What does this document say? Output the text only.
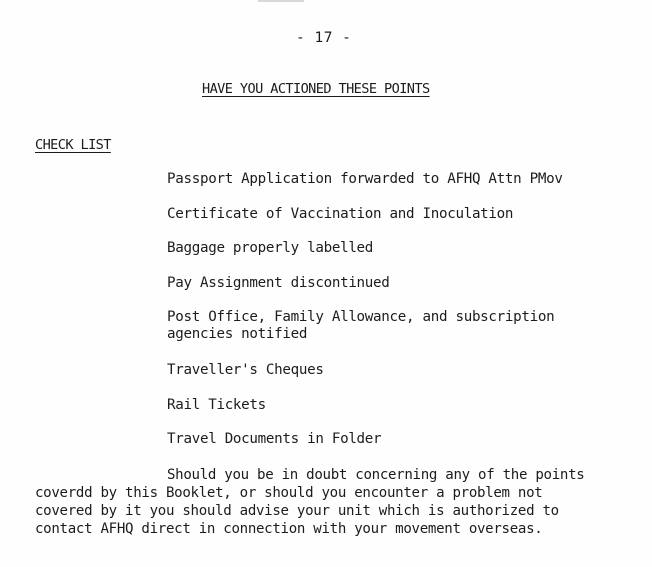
- 17 -
HAVE YOU ACTIONED THESE POINTS
CHECK LIST
Passport Application forwarded to AFHQ Attn PMov
Certificate of Vaccination and Inoculation
Baggage properly labelled
Pay Assignment discontinued
Post Office, Family Allowance, and subscription
agencies notified
Traveller's Cheques
Rail Tickets
Travel Documents in Folder
Should you be in doubt concerning any of the points
coverdd by this Booklet, or should you encounter a problem not
covered by it you should advise your unit which is authorized to
contact AFHQ direct in connection with your movement overseas.
